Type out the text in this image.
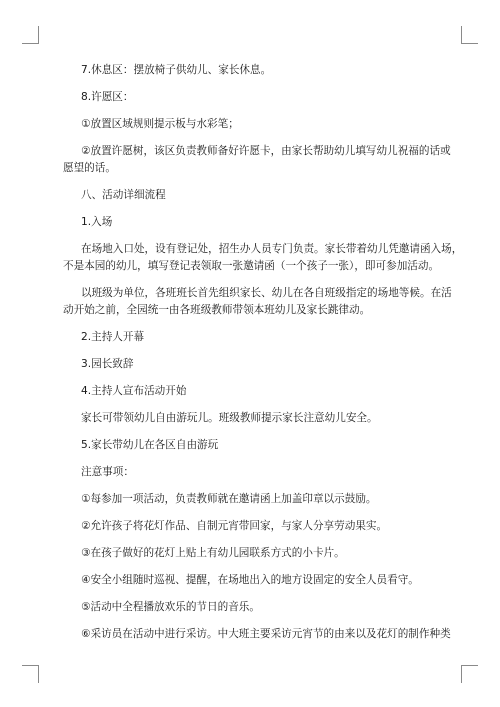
7.休息区：摆放椅子供幼儿、家长休息。

8.许愿区：

①放置区域规则提示板与水彩笔；

②放置许愿树，该区负责教师备好许愿卡，由家长帮助幼儿填写幼儿祝福的话或
愿望的话。

八、活动详细流程

1.入场

在场地入口处，设有登记处，招生办人员专门负责。家长带着幼儿凭邀请函入场，
不是本园的幼儿，填写登记表领取一张邀请函（一个孩子一张），即可参加活动。
以班级为单位，各班班长首先组织家长、幼儿在各自班级指定的场地等候。在活
动开始之前，全园统一由各班级教师带领本班幼儿及家长跳律动。

2.主持人开幕

3.园长致辞

4.主持人宣布活动开始

家长可带领幼儿自由游玩儿。班级教师提示家长注意幼儿安全。

5.家长带幼儿在各区自由游玩

注意事项：

①每参加一项活动，负责教师就在邀请函上加盖印章以示鼓励。

②允许孩子将花灯作品、自制元宵带回家，与家人分享劳动果实。

③在孩子做好的花灯上贴上有幼儿园联系方式的小卡片。

④安全小组随时巡视、提醒，在场地出入的地方设固定的安全人员看守。

⑤活动中全程播放欢乐的节日的音乐。

⑥采访员在活动中进行采访。中大班主要采访元宵节的由来以及花灯的制作种类
